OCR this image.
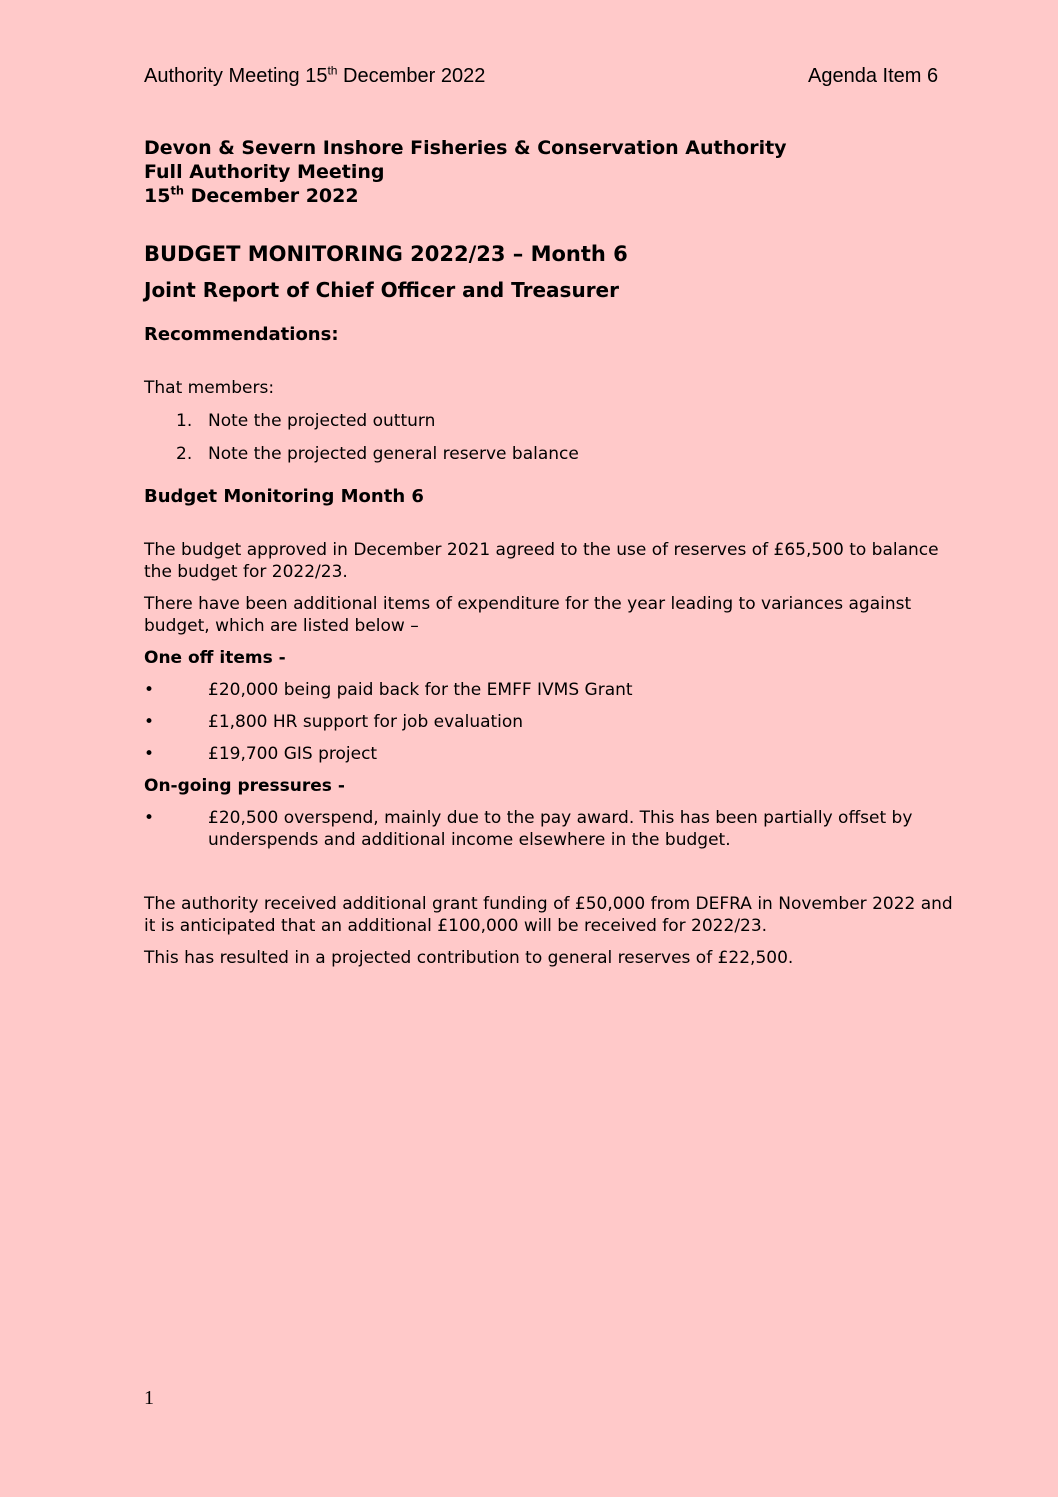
Authority Meeting 15th December 2022	Agenda Item 6
Devon & Severn Inshore Fisheries & Conservation Authority
Full Authority Meeting
15th December 2022
BUDGET MONITORING 2022/23 – Month 6
Joint Report of Chief Officer and Treasurer
Recommendations:
That members:
1. Note the projected outturn
2. Note the projected general reserve balance
Budget Monitoring Month 6
The budget approved in December 2021 agreed to the use of reserves of £65,500 to balance the budget for 2022/23.
There have been additional items of expenditure for the year leading to variances against budget, which are listed below –
One off items -
•	£20,000 being paid back for the EMFF IVMS Grant
•	£1,800 HR support for job evaluation
•	£19,700 GIS project
On-going pressures -
•	£20,500 overspend, mainly due to the pay award. This has been partially offset by underspends and additional income elsewhere in the budget.
The authority received additional grant funding of £50,000 from DEFRA in November 2022 and it is anticipated that an additional £100,000 will be received for 2022/23.
This has resulted in a projected contribution to general reserves of £22,500.
1
